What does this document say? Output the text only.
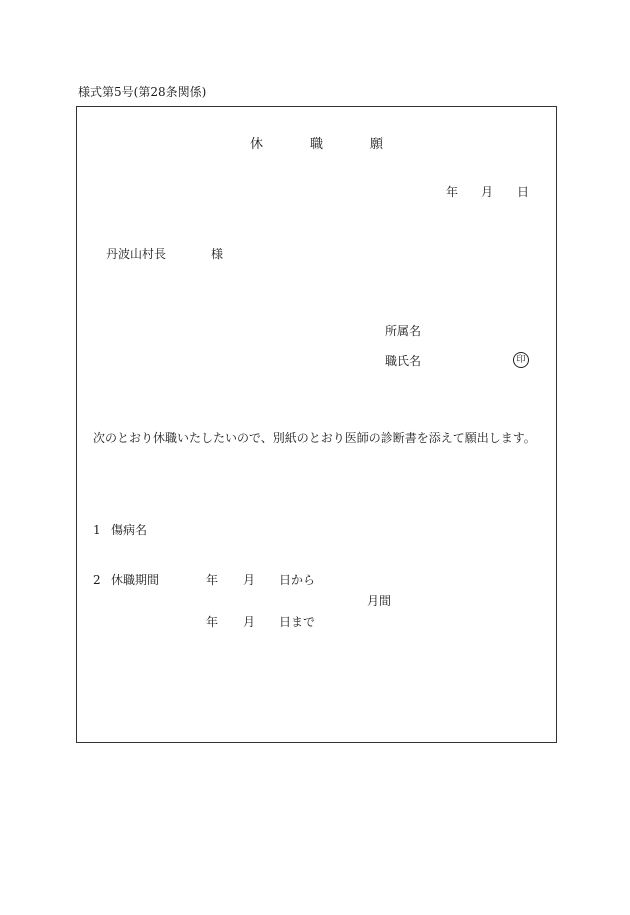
様式第5号(第28条関係)
休	職	願
年 月 日
丹波山村長	様
所属名
職氏名	印
次のとおり休職いたしたいので、別紙のとおり医師の診断書を添えて願出します。
1 傷病名
2 休職期間	年 月 日から
月間
年 月 日まで
